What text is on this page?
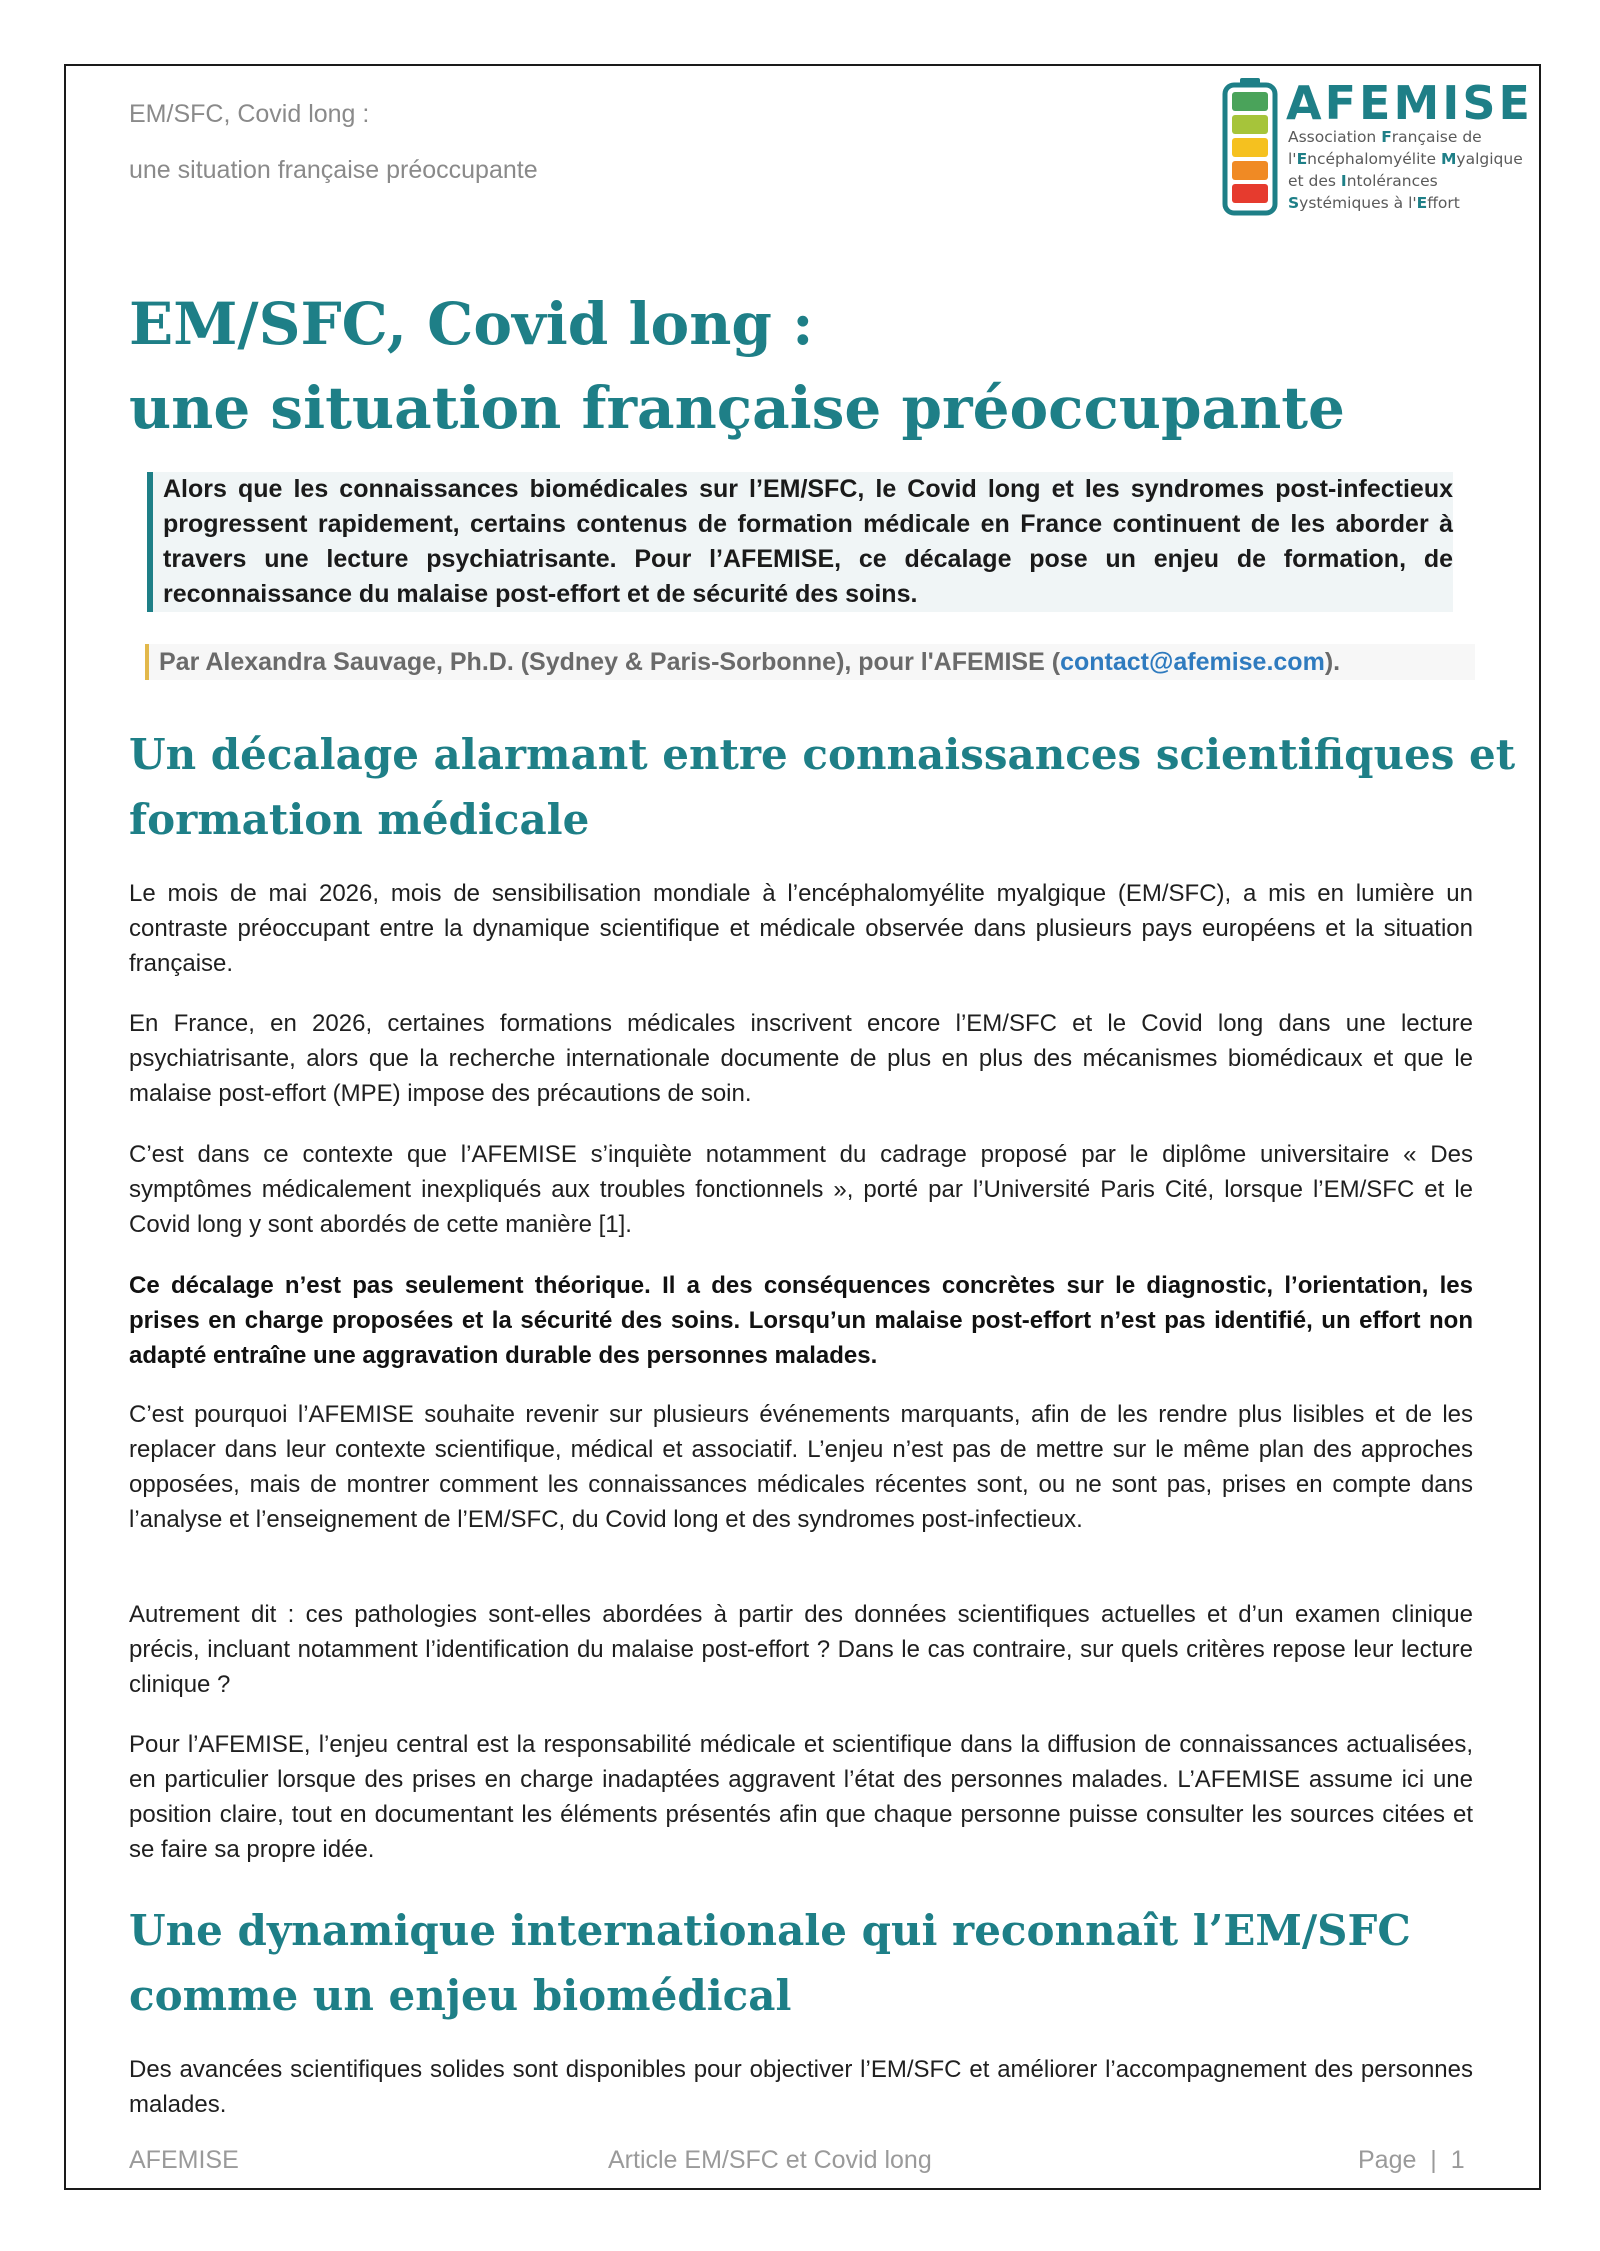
EM/SFC, Covid long :
une situation française préoccupante
AFEMISE
Association Française de
l'Encéphalomyélite Myalgique
et des Intolérances
Systémiques à l'Effort
EM/SFC, Covid long :
une situation française préoccupante

Alors que les connaissances biomédicales sur l’EM/SFC, le Covid long et les syndromes post-infectieux progressent rapidement, certains contenus de formation médicale en France continuent de les aborder à travers une lecture psychiatrisante. Pour l’AFEMISE, ce décalage pose un enjeu de formation, de reconnaissance du malaise post-effort et de sécurité des soins.

Par Alexandra Sauvage, Ph.D. (Sydney & Paris-Sorbonne), pour l'AFEMISE (contact@afemise.com).
Un décalage alarmant entre connaissances scientifiques et
formation médicale

Le mois de mai 2026, mois de sensibilisation mondiale à l’encéphalomyélite myalgique (EM/SFC), a mis en lumière un contraste préoccupant entre la dynamique scientifique et médicale observée dans plusieurs pays européens et la situation française.

En France, en 2026, certaines formations médicales inscrivent encore l’EM/SFC et le Covid long dans une lecture psychiatrisante, alors que la recherche internationale documente de plus en plus des mécanismes biomédicaux et que le malaise post-effort (MPE) impose des précautions de soin.

C’est dans ce contexte que l’AFEMISE s’inquiète notamment du cadrage proposé par le diplôme universitaire « Des symptômes médicalement inexpliqués aux troubles fonctionnels », porté par l’Université Paris Cité, lorsque l’EM/SFC et le Covid long y sont abordés de cette manière [1].

Ce décalage n’est pas seulement théorique. Il a des conséquences concrètes sur le diagnostic, l’orientation, les prises en charge proposées et la sécurité des soins. Lorsqu’un malaise post-effort n’est pas identifié, un effort non adapté entraîne une aggravation durable des personnes malades.

C’est pourquoi l’AFEMISE souhaite revenir sur plusieurs événements marquants, afin de les rendre plus lisibles et de les replacer dans leur contexte scientifique, médical et associatif. L’enjeu n’est pas de mettre sur le même plan des approches opposées, mais de montrer comment les connaissances médicales récentes sont, ou ne sont pas, prises en compte dans l’analyse et l’enseignement de l’EM/SFC, du Covid long et des syndromes post-infectieux.

Autrement dit : ces pathologies sont-elles abordées à partir des données scientifiques actuelles et d’un examen clinique précis, incluant notamment l’identification du malaise post-effort ? Dans le cas contraire, sur quels critères repose leur lecture clinique ?

Pour l’AFEMISE, l’enjeu central est la responsabilité médicale et scientifique dans la diffusion de connaissances actualisées, en particulier lorsque des prises en charge inadaptées aggravent l’état des personnes malades. L’AFEMISE assume ici une position claire, tout en documentant les éléments présentés afin que chaque personne puisse consulter les sources citées et se faire sa propre idée.

Une dynamique internationale qui reconnaît l’EM/SFC
comme un enjeu biomédical

Des avancées scientifiques solides sont disponibles pour objectiver l’EM/SFC et améliorer l’accompagnement des personnes malades.

AFEMISE	Article EM/SFC et Covid long	Page | 1
